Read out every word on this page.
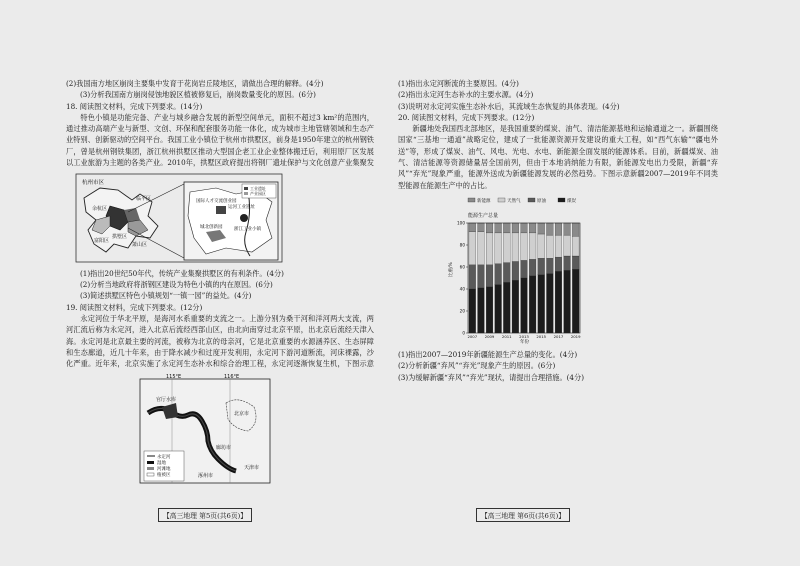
(2)我国南方地区崩岗主要集中发育于花岗岩丘陵地区，请做出合理的解释。(4分)

(3)分析我国南方崩岗侵蚀地貌区植被修复后，崩岗数量变化的原因。(6分)

18. 阅读图文材料，完成下列要求。(14分)

特色小镇是功能完备、产业与城乡融合发展的新型空间单元，面积不超过3 km²的范围内，通过推动高端产业与新型、文创、环保和配套服务功能一体化，成为城市主地管辖领域和生态产业特别、创新驱动的空间平台。我国工业小镇位于杭州市拱墅区，前身是1950年建立的杭州钢铁厂，曾是杭州钢铁集团，浙江杭州拱墅区推动大型国企老工业企业整体搬迁后，利用原厂区发展以工业旅游为主题的各类产业。2010年，拱墅区政府提出将钢厂遗址保护与文化创意产业集聚发

杭州市区
临平区
余杭区
富阳区
萧山区
拱墅区
国际人才交流创业园
运河工业遗址
城北创新园	浙江工业小镇
工业遗址
产业园区

(1)指出20世纪50年代，传统产业集聚拱墅区的有利条件。(4分)

(2)分析当地政府将浙钢区建设为特色小镇的内在原因。(6分)

(3)简述拱墅区特色小镇规划“一镇一园”的益处。(4分)

19. 阅读图文材料，完成下列要求。(12分)

永定河位于华北平原，是海河水系重要的支流之一。上游分别为桑干河和洋河两大支流，两河汇流后称为永定河，进入北京后流经西部山区，由北向南穿过北京平原，出北京后流经天津入海。永定河是北京最主要的河流，被称为北京的母亲河，它是北京重要的水源涵养区、生态屏障和生态廊道，近几十年来，由于降水减少和过度开发利用，永定河下游河道断流，河床裸露，沙化严重。近年来，北京实施了永定河生态补水和综合治理工程，永定河逐渐恢复生机，下图示意

115°E	116°E
官厅水库
北京市
天津市
廊坊市
涿州市
永定河
湿地
河滩地
植被区
【高三地理 第5页(共6页)】

(1)指出永定河断流的主要原因。(4分)

(2)指出永定河生态补水的主要水源。(4分)

(3)说明对永定河实施生态补水后，其流域生态恢复的具体表现。(4分)

20. 阅读图文材料，完成下列要求。(12分)

新疆地处我国西北部地区，是我国重要的煤炭、油气、清洁能源基地和运输通道之一。新疆围绕国家“三基地一通道”战略定位，建成了一批能源资源开发建设的重大工程，如“西气东输”“疆电外送”等，形成了煤炭、油气、风电、光电、水电、新能源全面发展的能源体系。目前，新疆煤炭、油气、清洁能源等资源储量居全国前列，但由于本地消纳能力有限，新能源发电出力受限，新疆“弃风”“弃光”现象严重，能源外送成为新疆能源发展的必然趋势。下图示意新疆2007—2019年不同类型能源在能源生产中的占比。

新能源	天然气	原油	煤炭
能源生产总量
比重/%
0
20
40
60
80
100
2007 2009 2011 2013 2015 2017 2019
年份

(1)指出2007—2019年新疆能源生产总量的变化。(4分)

(2)分析新疆“弃风”“弃光”现象产生的原因。(6分)

(3)为缓解新疆“弃风”“弃光”现状，请提出合理措施。(4分)

【高三地理 第6页(共6页)】
